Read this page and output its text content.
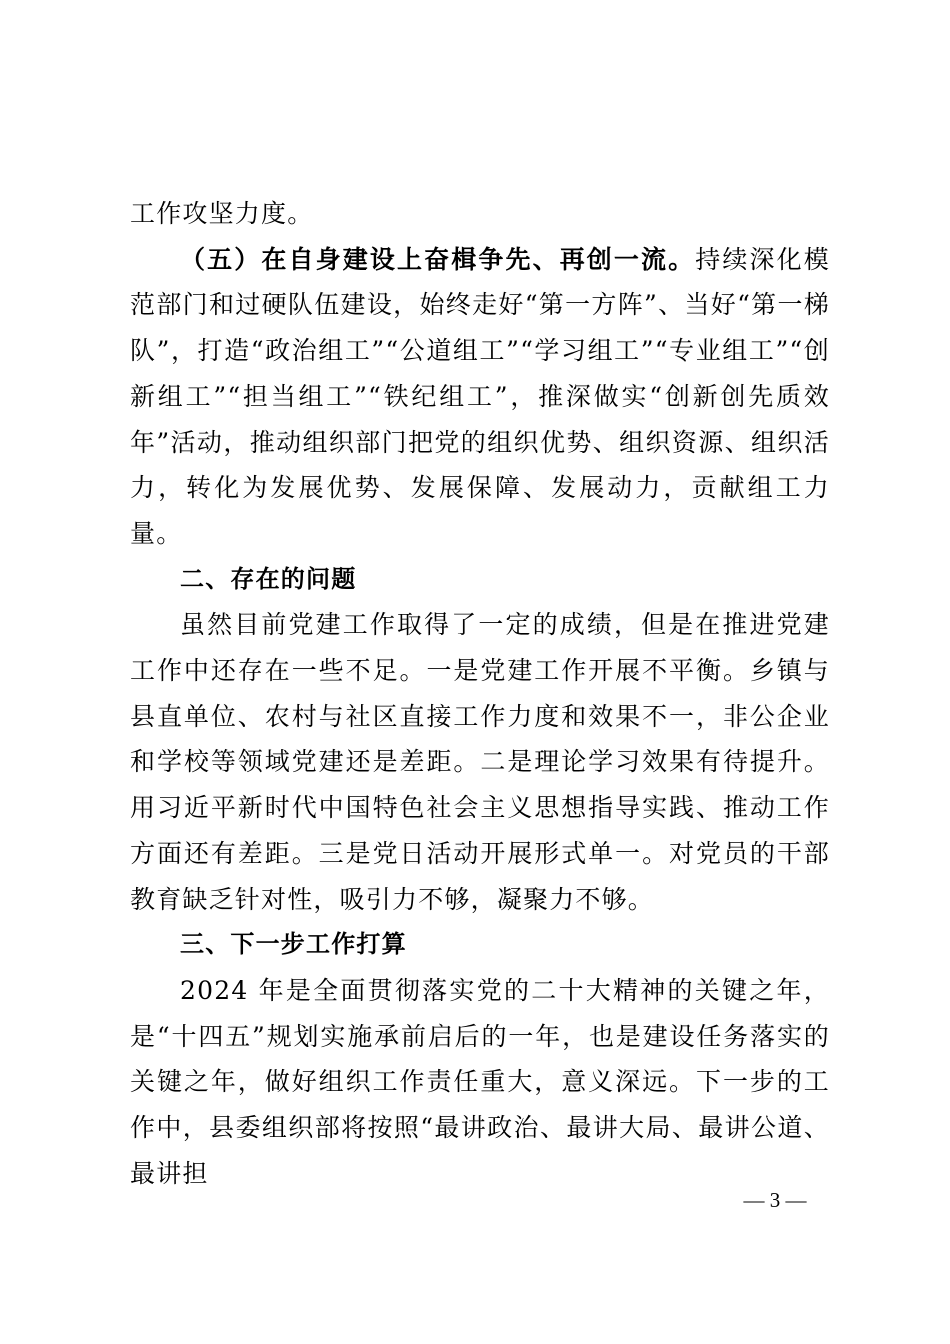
工作攻坚力度。

（五）在自身建设上奋楫争先、再创一流。持续深化模范部门和过硬队伍建设，始终走好“第一方阵”、当好“第一梯队”，打造“政治组工”“公道组工”“学习组工”“专业组工”“创新组工”“担当组工”“铁纪组工”，推深做实“创新创先质效年”活动，推动组织部门把党的组织优势、组织资源、组织活力，转化为发展优势、发展保障、发展动力，贡献组工力量。

二、存在的问题

虽然目前党建工作取得了一定的成绩，但是在推进党建工作中还存在一些不足。一是党建工作开展不平衡。乡镇与县直单位、农村与社区直接工作力度和效果不一，非公企业和学校等领域党建还是差距。二是理论学习效果有待提升。用习近平新时代中国特色社会主义思想指导实践、推动工作方面还有差距。三是党日活动开展形式单一。对党员的干部教育缺乏针对性，吸引力不够，凝聚力不够。

三、下一步工作打算

2024 年是全面贯彻落实党的二十大精神的关键之年，是“十四五”规划实施承前启后的一年，也是建设任务落实的关键之年，做好组织工作责任重大，意义深远。下一步的工作中，县委组织部将按照“最讲政治、最讲大局、最讲公道、最讲担

— 3 —
